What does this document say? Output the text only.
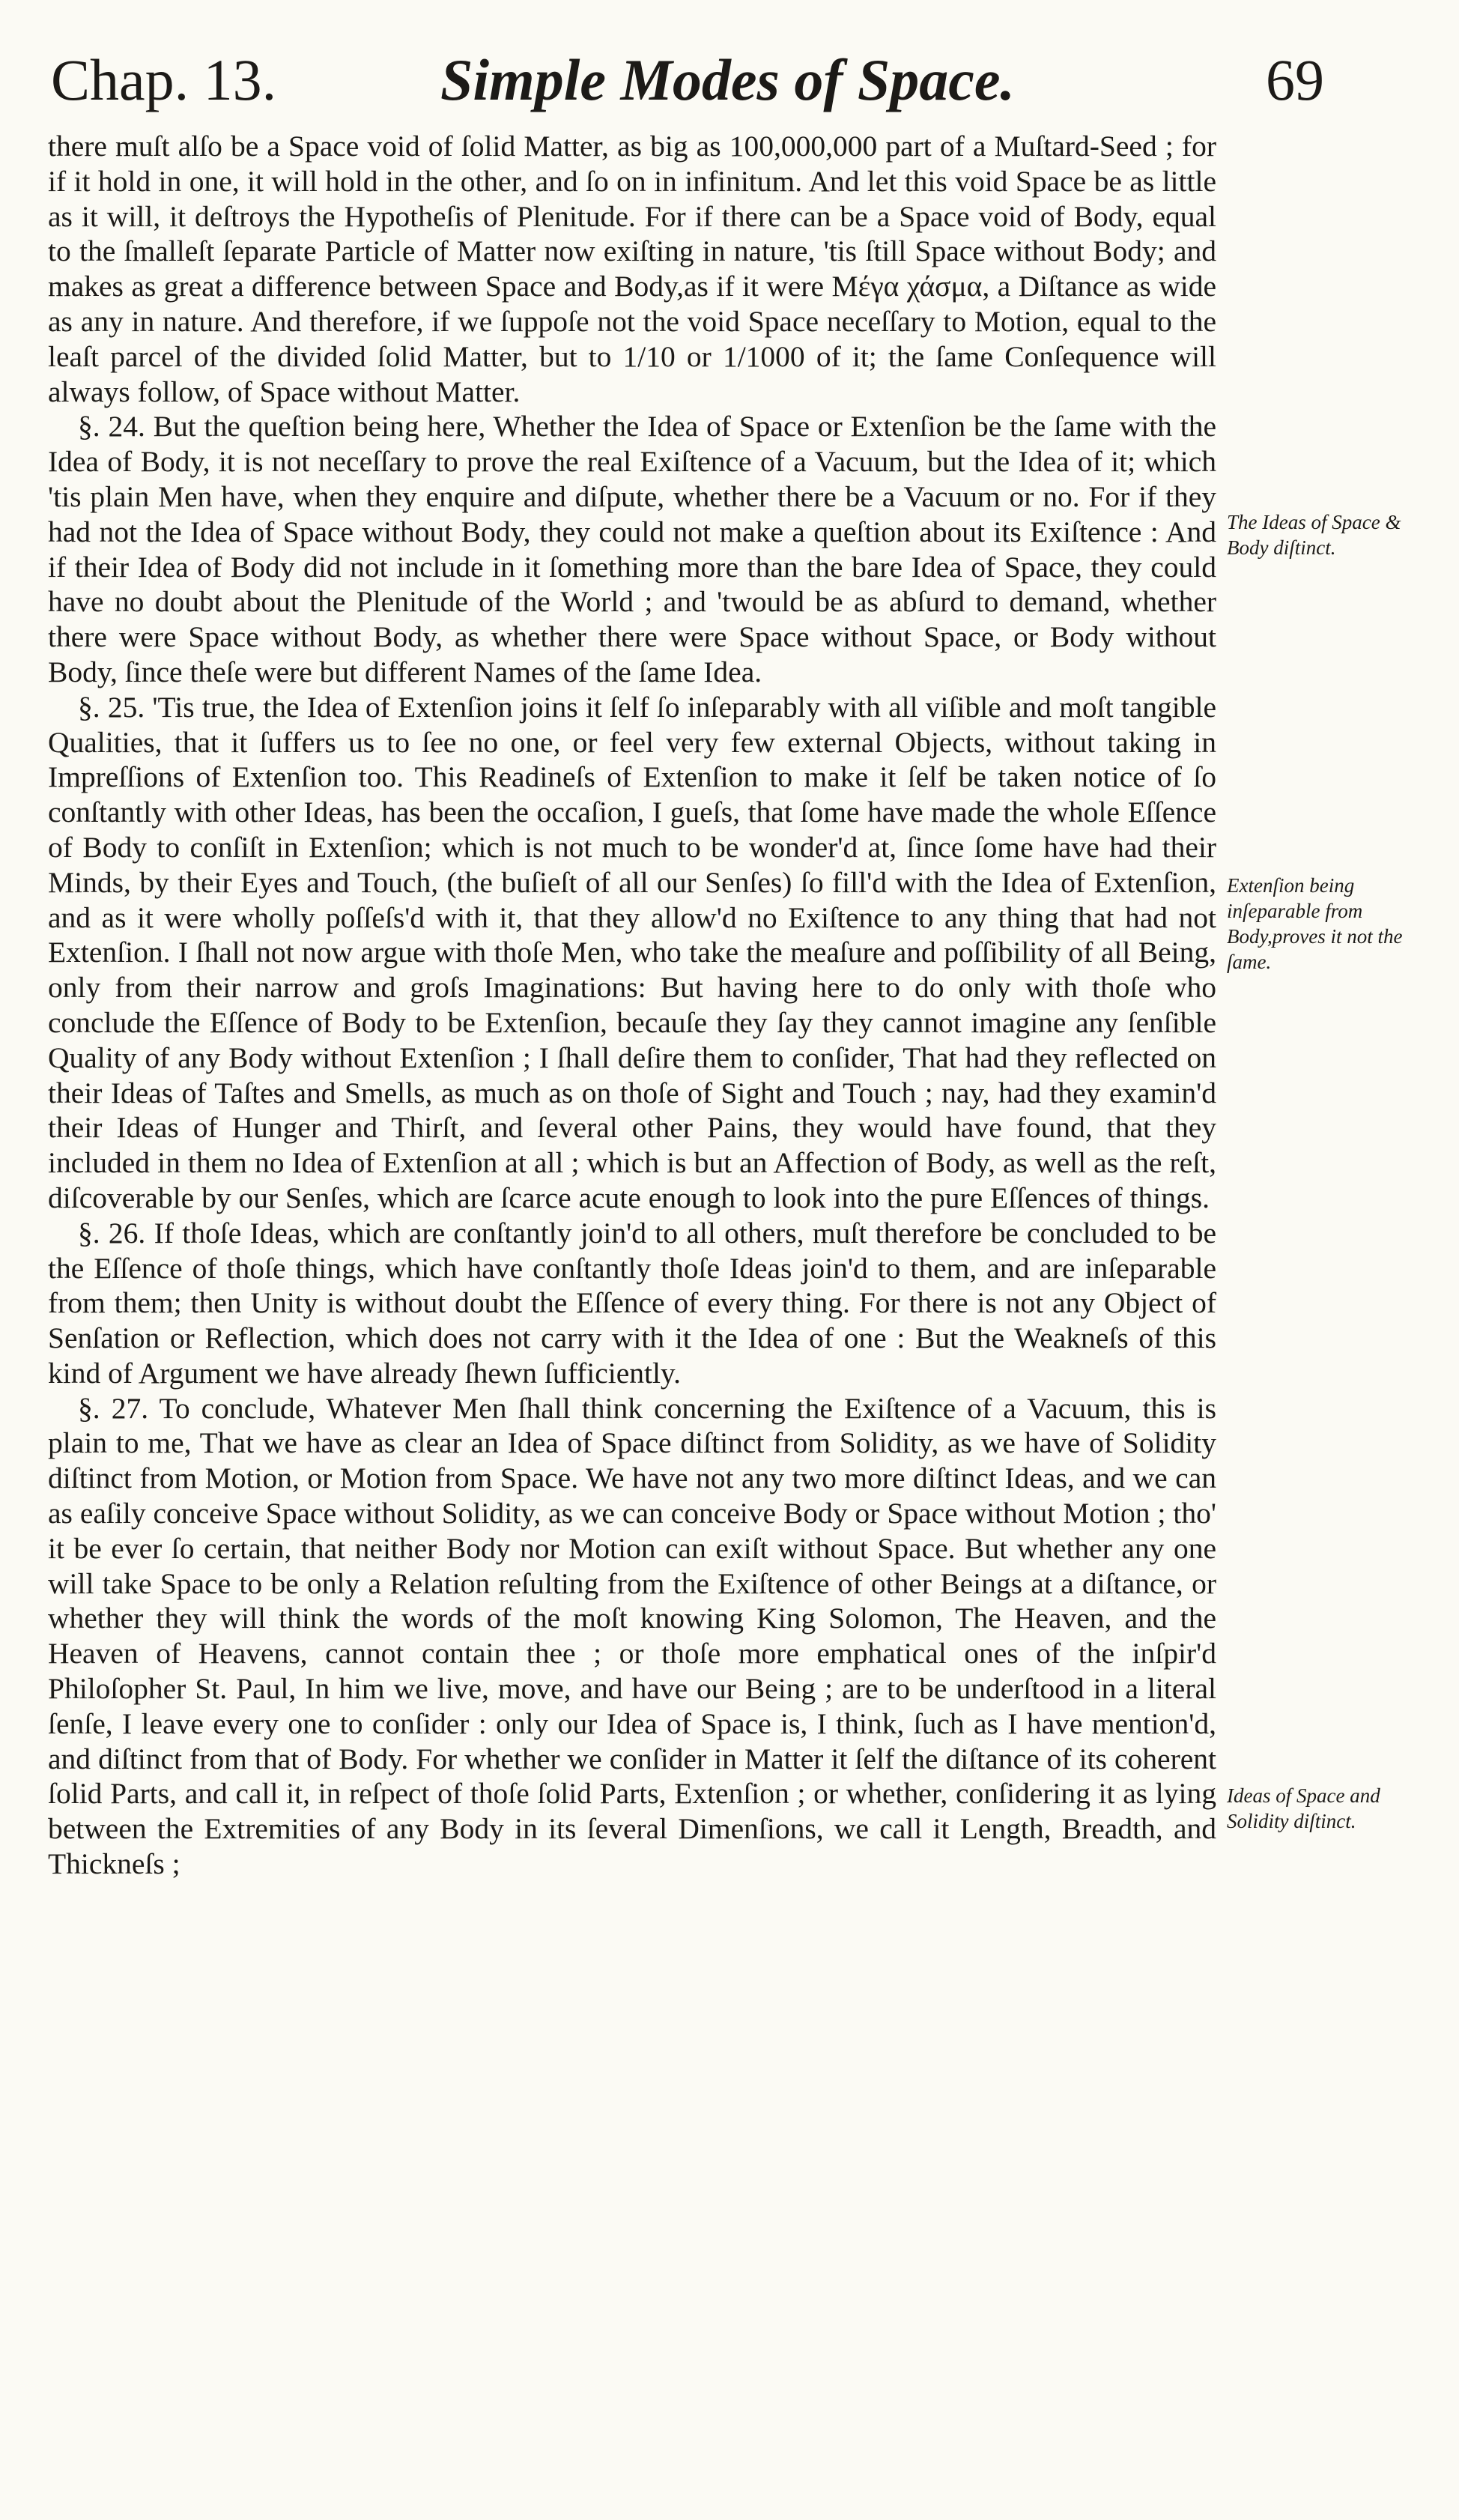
Chap. 13.	Simple Modes of Space.	69

there muſt alſo be a Space void of ſolid Matter, as big as 100,000,000 part of a Muſtard-Seed ; for if it hold in one, it will hold in the other, and ſo on in infinitum. And let this void Space be as little as it will, it deſtroys the Hypotheſis of Plenitude. For if there can be a Space void of Body, equal to the ſmalleſt ſeparate Particle of Matter now exiſting in nature, 'tis ſtill Space without Body; and makes as great a difference between Space and Body,as if it were Μέγα χάσμα, a Diſtance as wide as any in nature. And therefore, if we ſuppoſe not the void Space neceſſary to Motion, equal to the leaſt parcel of the divided ſolid Matter, but to 1/10 or 1/1000 of it; the ſame Conſequence will always follow, of Space without Matter.

§. 24. But the queſtion being here, Whether the Idea of Space or Extenſion be the ſame with the Idea of Body, it is not neceſſary to prove the real Exiſtence of a Vacuum, but the Idea of it; which 'tis plain Men have, when they enquire and diſpute, whether there be a Vacuum or no. For if they had not the Idea of Space without Body, they could not make a queſtion about its Exiſtence : And if their Idea of Body did not include in it ſomething more than the bare Idea of Space, they could have no doubt about the Plenitude of the World ; and 'twould be as abſurd to demand, whether there were Space without Body, as whether there were Space without Space, or Body without Body, ſince theſe were but different Names of the ſame Idea.

§. 25. 'Tis true, the Idea of Extenſion joins it ſelf ſo inſeparably with all viſible and moſt tangible Qualities, that it ſuffers us to ſee no one, or feel very few external Objects, without taking in Impreſſions of Extenſion too. This Readineſs of Extenſion to make it ſelf be taken notice of ſo conſtantly with other Ideas, has been the occaſion, I gueſs, that ſome have made the whole Eſſence of Body to conſiſt in Extenſion; which is not much to be wonder'd at, ſince ſome have had their Minds, by their Eyes and Touch, (the buſieſt of all our Senſes) ſo fill'd with the Idea of Extenſion, and as it were wholly poſſeſs'd with it, that they allow'd no Exiſtence to any thing that had not Extenſion. I ſhall not now argue with thoſe Men, who take the meaſure and poſſibility of all Being, only from their narrow and groſs Imaginations: But having here to do only with thoſe who conclude the Eſſence of Body to be Extenſion, becauſe they ſay they cannot imagine any ſenſible Quality of any Body without Extenſion ; I ſhall deſire them to conſider, That had they reflected on their Ideas of Taſtes and Smells, as much as on thoſe of Sight and Touch ; nay, had they examin'd their Ideas of Hunger and Thirſt, and ſeveral other Pains, they would have found, that they included in them no Idea of Extenſion at all ; which is but an Affection of Body, as well as the reſt, diſcoverable by our Senſes, which are ſcarce acute enough to look into the pure Eſſences of things.

§. 26. If thoſe Ideas, which are conſtantly join'd to all others, muſt therefore be concluded to be the Eſſence of thoſe things, which have conſtantly thoſe Ideas join'd to them, and are inſeparable from them; then Unity is without doubt the Eſſence of every thing. For there is not any Object of Senſation or Reflection, which does not carry with it the Idea of one : But the Weakneſs of this kind of Argument we have already ſhewn ſufficiently.

§. 27. To conclude, Whatever Men ſhall think concerning the Exiſtence of a Vacuum, this is plain to me, That we have as clear an Idea of Space diſtinct from Solidity, as we have of Solidity diſtinct from Motion, or Motion from Space. We have not any two more diſtinct Ideas, and we can as eaſily conceive Space without Solidity, as we can conceive Body or Space without Motion ; tho' it be ever ſo certain, that neither Body nor Motion can exiſt without Space. But whether any one will take Space to be only a Relation reſulting from the Exiſtence of other Beings at a diſtance, or whether they will think the words of the moſt knowing King Solomon, The Heaven, and the Heaven of Heavens, cannot contain thee ; or thoſe more emphatical ones of the inſpir'd Philoſopher St. Paul, In him we live, move, and have our Being ; are to be underſtood in a literal ſenſe, I leave every one to conſider : only our Idea of Space is, I think, ſuch as I have mention'd, and diſtinct from that of Body. For whether we conſider in Matter it ſelf the diſtance of its coherent ſolid Parts, and call it, in reſpect of thoſe ſolid Parts, Extenſion ; or whether, conſidering it as lying between the Extremities of any Body in its ſeveral Dimenſions, we call it Length, Breadth, and Thickneſs ;

The Ideas of Space & Body diſtinct.
Extenſion being inſeparable from Body,proves it not the ſame.
Ideas of Space and Solidity diſtinct.
